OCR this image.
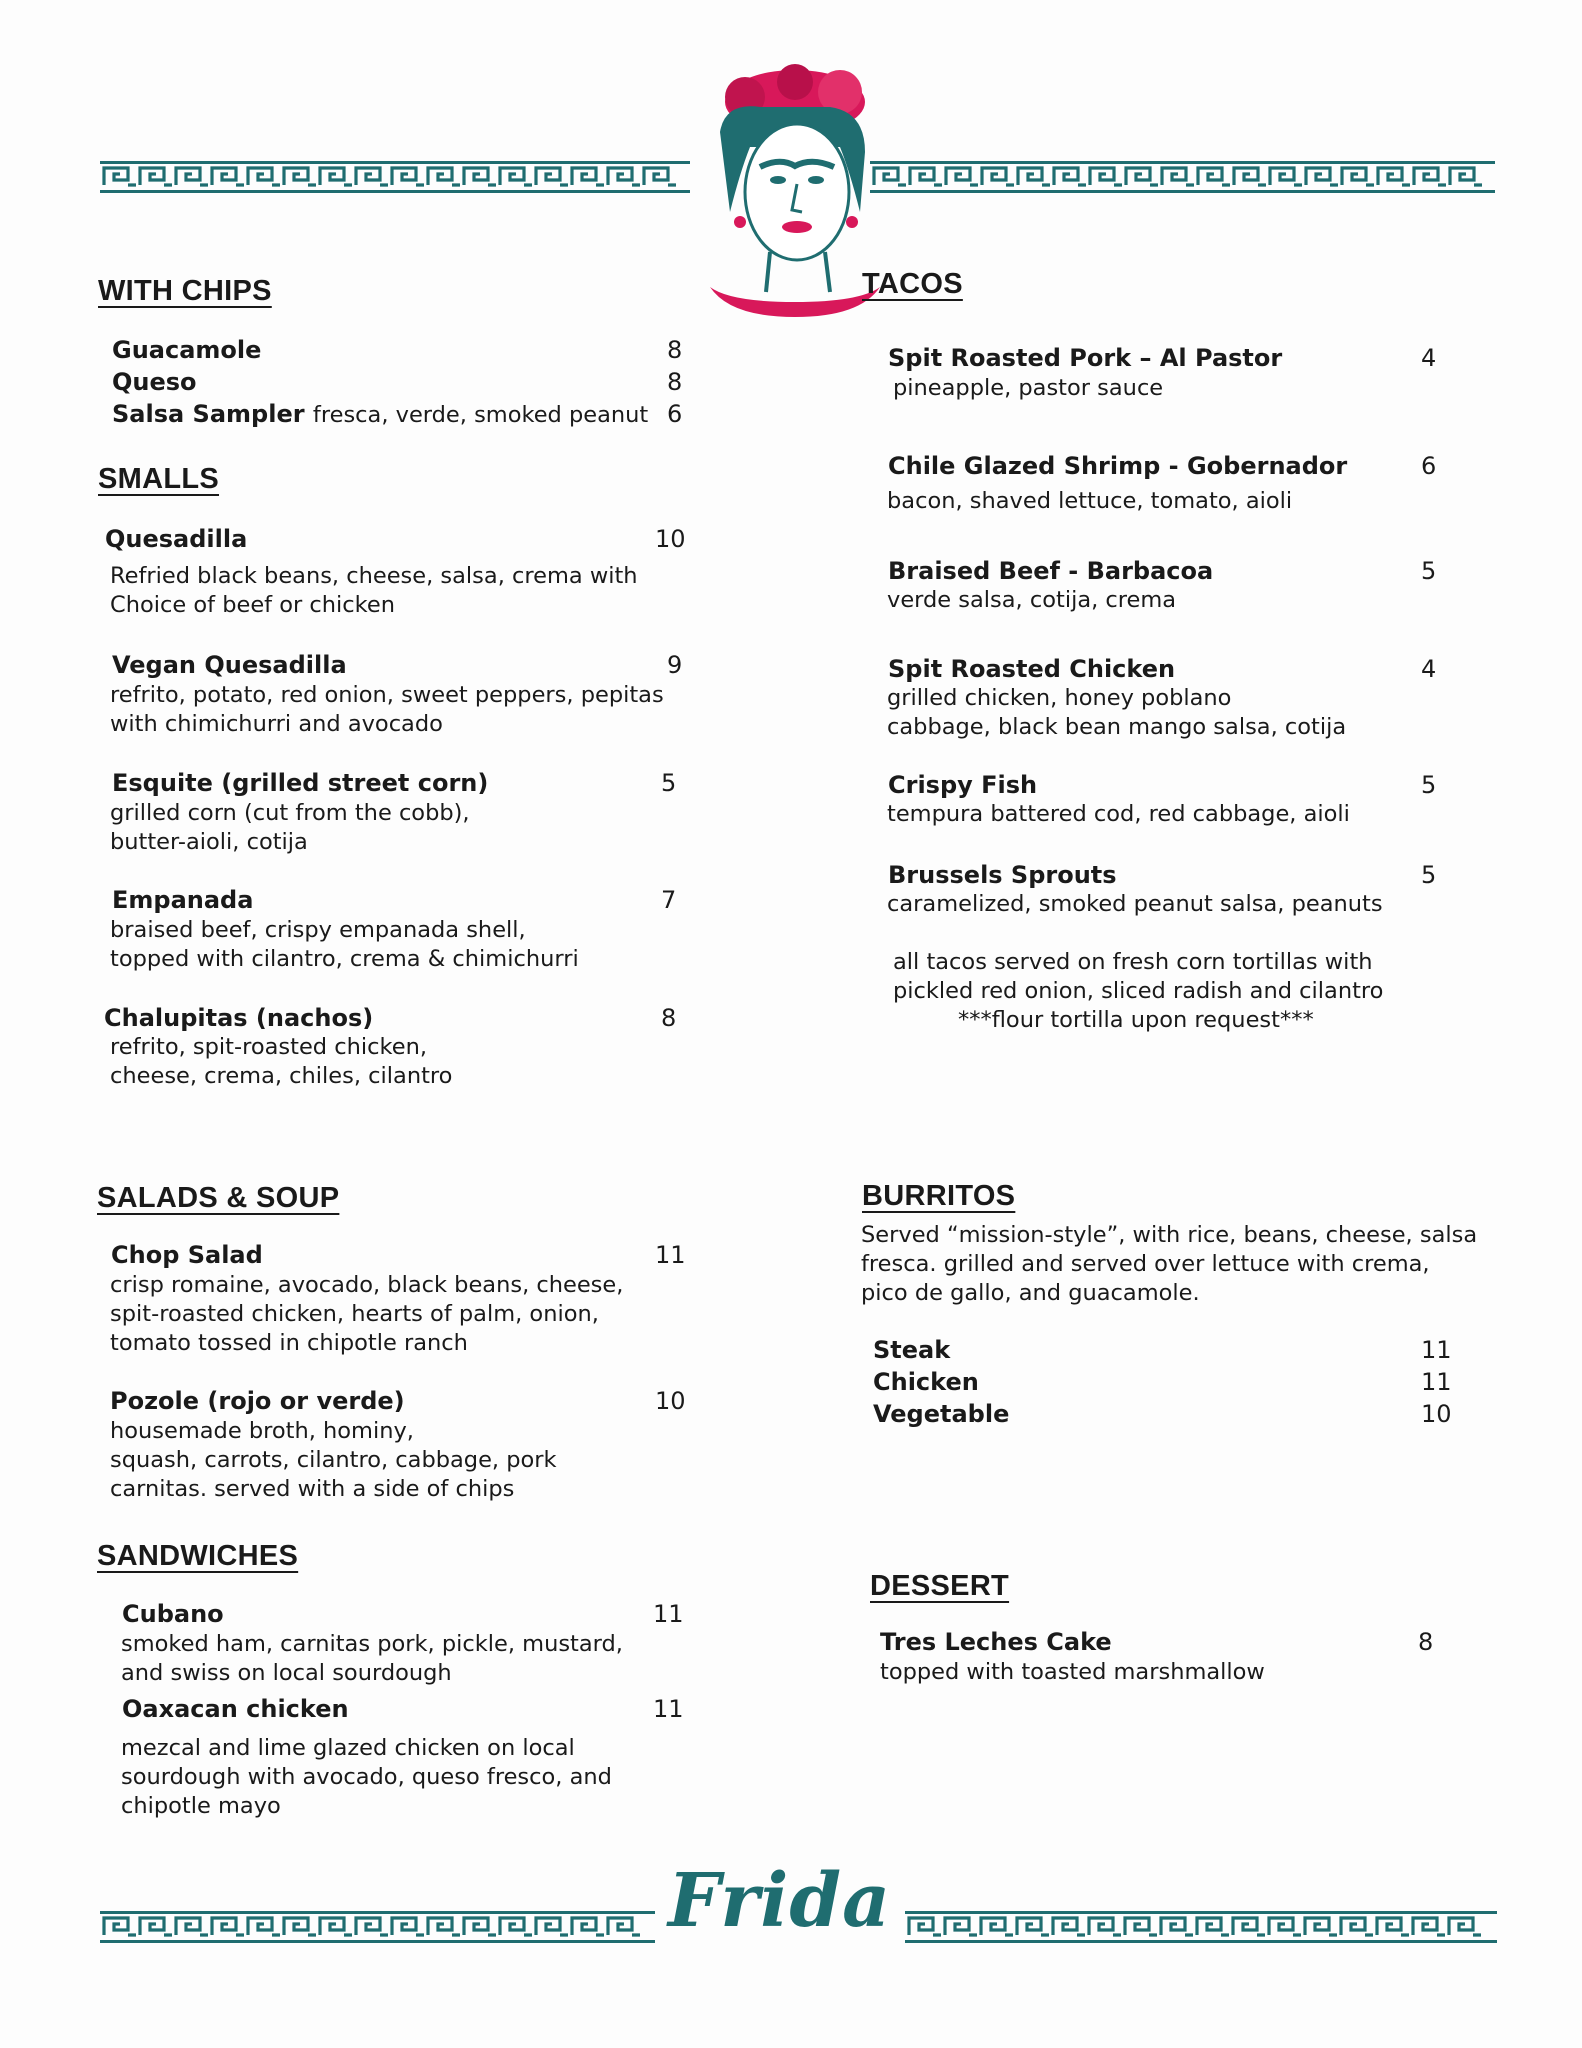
WITH CHIPS
Guacamole	8
Queso	8
Salsa Sampler fresca, verde, smoked peanut 6
SMALLS
Quesadilla	10
Refried black beans, cheese, salsa, crema with
Choice of beef or chicken
Vegan Quesadilla	9
refrito, potato, red onion, sweet peppers, pepitas
with chimichurri and avocado
Esquite (grilled street corn)	5
grilled corn (cut from the cobb),
butter-aioli, cotija
Empanada	7
braised beef, crispy empanada shell,
topped with cilantro, crema & chimichurri
Chalupitas (nachos)	8
refrito, spit-roasted chicken,
cheese, crema, chiles, cilantro
SALADS & SOUP
Chop Salad	11
crisp romaine, avocado, black beans, cheese,
spit-roasted chicken, hearts of palm, onion,
tomato tossed in chipotle ranch
Pozole (rojo or verde)	10
housemade broth, hominy,
squash, carrots, cilantro, cabbage, pork
carnitas. served with a side of chips
SANDWICHES
Cubano	11
smoked ham, carnitas pork, pickle, mustard,
and swiss on local sourdough
Oaxacan chicken	11
mezcal and lime glazed chicken on local
sourdough with avocado, queso fresco, and
chipotle mayo
TACOS
Spit Roasted Pork – Al Pastor	4
pineapple, pastor sauce
Chile Glazed Shrimp - Gobernador	6
bacon, shaved lettuce, tomato, aioli
Braised Beef - Barbacoa	5
verde salsa, cotija, crema
Spit Roasted Chicken	4
grilled chicken, honey poblano
cabbage, black bean mango salsa, cotija
Crispy Fish	5
tempura battered cod, red cabbage, aioli
Brussels Sprouts	5
caramelized, smoked peanut salsa, peanuts
all tacos served on fresh corn tortillas with
pickled red onion, sliced radish and cilantro
***flour tortilla upon request***
BURRITOS
Served “mission-style”, with rice, beans, cheese, salsa
fresca. grilled and served over lettuce with crema,
pico de gallo, and guacamole.
Steak	11
Chicken	11
Vegetable	10
DESSERT
Tres Leches Cake	8
topped with toasted marshmallow
Frida
